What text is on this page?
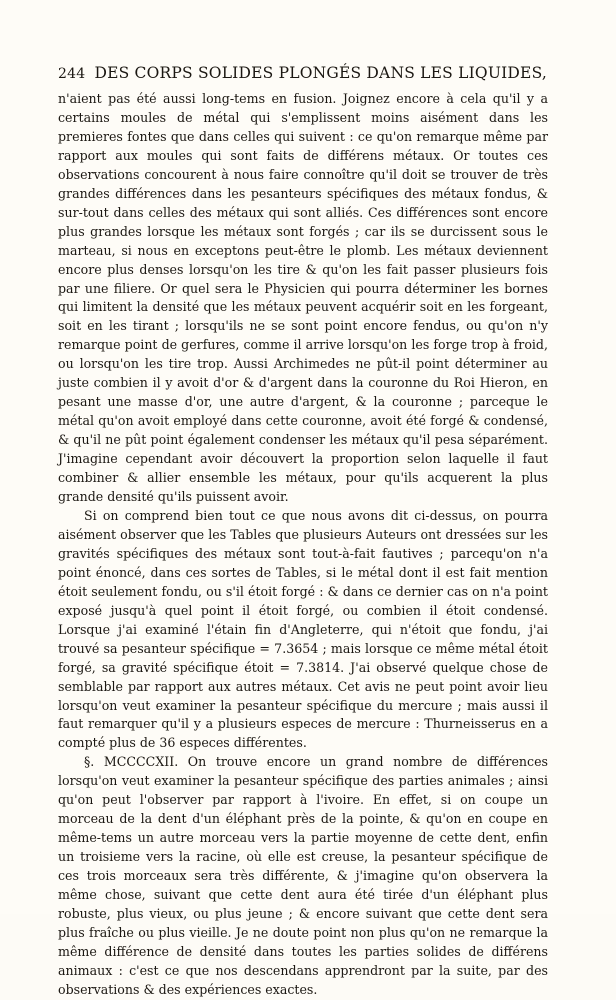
244 DES CORPS SOLIDES PLONGÉS DANS LES LIQUIDES,

n'aient pas été aussi long-tems en fusion. Joignez encore à cela qu'il y a certains moules de métal qui s'emplissent moins aisément dans les premieres fontes que dans celles qui suivent : ce qu'on remarque même par rapport aux moules qui sont faits de différens métaux. Or toutes ces observations concourent à nous faire connoître qu'il doit se trouver de très grandes différences dans les pesanteurs spécifiques des métaux fondus, & sur-tout dans celles des métaux qui sont alliés. Ces différences sont encore plus grandes lorsque les métaux sont forgés ; car ils se durcissent sous le marteau, si nous en exceptons peut-être le plomb. Les métaux deviennent encore plus denses lorsqu'on les tire & qu'on les fait passer plusieurs fois par une filiere. Or quel sera le Physicien qui pourra déterminer les bornes qui limitent la densité que les métaux peuvent acquérir soit en les forgeant, soit en les tirant ; lorsqu'ils ne se sont point encore fendus, ou qu'on n'y remarque point de gerfures, comme il arrive lorsqu'on les forge trop à froid, ou lorsqu'on les tire trop. Aussi Archimedes ne pût-il point déterminer au juste combien il y avoit d'or & d'argent dans la couronne du Roi Hieron, en pesant une masse d'or, une autre d'argent, & la couronne ; parceque le métal qu'on avoit employé dans cette couronne, avoit été forgé & condensé, & qu'il ne pût point également condenser les métaux qu'il pesa séparément. J'imagine cependant avoir découvert la proportion selon laquelle il faut combiner & allier ensemble les métaux, pour qu'ils acquerent la plus grande densité qu'ils puissent avoir.

Si on comprend bien tout ce que nous avons dit ci-dessus, on pourra aisément observer que les Tables que plusieurs Auteurs ont dressées sur les gravités spécifiques des métaux sont tout-à-fait fautives ; parcequ'on n'a point énoncé, dans ces sortes de Tables, si le métal dont il est fait mention étoit seulement fondu, ou s'il étoit forgé : & dans ce dernier cas on n'a point exposé jusqu'à quel point il étoit forgé, ou combien il étoit condensé. Lorsque j'ai examiné l'étain fin d'Angleterre, qui n'étoit que fondu, j'ai trouvé sa pesanteur spécifique = 7.3654 ; mais lorsque ce même métal étoit forgé, sa gravité spécifique étoit = 7.3814. J'ai observé quelque chose de semblable par rapport aux autres métaux. Cet avis ne peut point avoir lieu lorsqu'on veut examiner la pesanteur spécifique du mercure ; mais aussi il faut remarquer qu'il y a plusieurs especes de mercure : Thurneisserus en a compté plus de 36 especes différentes.

§. MCCCCXII. On trouve encore un grand nombre de différences lorsqu'on veut examiner la pesanteur spécifique des parties animales ; ainsi qu'on peut l'observer par rapport à l'ivoire. En effet, si on coupe un morceau de la dent d'un éléphant près de la pointe, & qu'on en coupe en même-tems un autre morceau vers la partie moyenne de cette dent, enfin un troisieme vers la racine, où elle est creuse, la pesanteur spécifique de ces trois morceaux sera très différente, & j'imagine qu'on observera la même chose, suivant que cette dent aura été tirée d'un éléphant plus robuste, plus vieux, ou plus jeune ; & encore suivant que cette dent sera plus fraîche ou plus vieille. Je ne doute point non plus qu'on ne remarque la même différence de densité dans toutes les parties solides de différens animaux : c'est ce que nos descendans apprendront par la suite, par des observations & des expériences exactes.
